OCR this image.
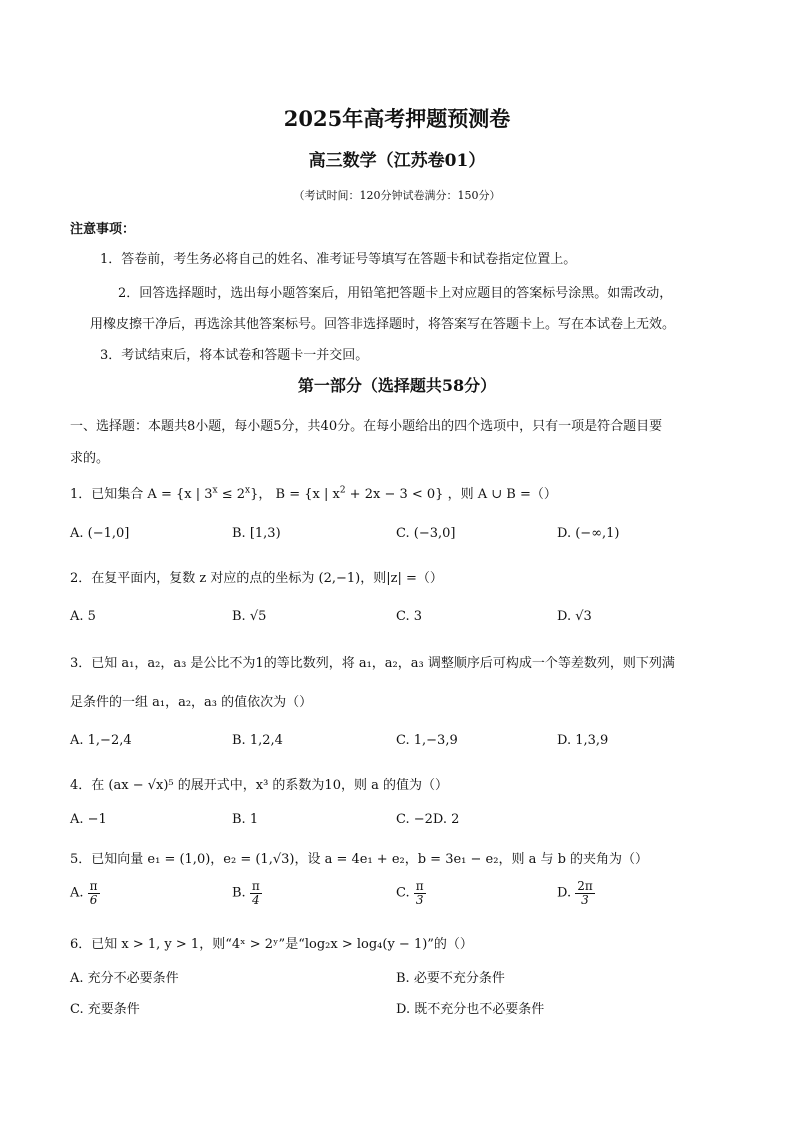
2025年高考押题预测卷
高三数学（江苏卷01）
（考试时间：120分钟试卷满分：150分）
注意事项：
1．答卷前，考生务必将自己的姓名、准考证号等填写在答题卡和试卷指定位置上。
2．回答选择题时，选出每小题答案后，用铅笔把答题卡上对应题目的答案标号涂黑。如需改动，
用橡皮擦干净后，再选涂其他答案标号。回答非选择题时，将答案写在答题卡上。写在本试卷上无效。
3．考试结束后，将本试卷和答题卡一并交回。
第一部分（选择题共58分）
一、选择题：本题共8小题，每小题5分，共40分。在每小题给出的四个选项中，只有一项是符合题目要
求的。
1．已知集合 A = {x | $3^x \le 2^x$}， B = {x | $x^2 + 2x - 3 < 0$} ，则 A ∪ B =（）
A. (−1,0]	B. [1,3)	C. (−3,0]	D. (−∞,1)
2．在复平面内，复数 z 对应的点的坐标为 (2,−1)，则|z| =（）
A. 5	B. √5	C. 3	D. √3
3．已知 a₁，a₂，a₃ 是公比不为1的等比数列，将 a₁，a₂，a₃ 调整顺序后可构成一个等差数列，则下列满
足条件的一组 a₁，a₂，a₃ 的值依次为（）
A. 1,−2,4	B. 1,2,4	C. 1,−3,9	D. 1,3,9
4．在 (ax − √x)⁵ 的展开式中，x³ 的系数为10，则 a 的值为（）
A. −1	B. 1	C. −2D. 2
5．已知向量 e₁ = (1,0)，e₂ = (1,√3)，设 a = 4e₁ + e₂，b = 3e₁ − e₂，则 a 与 b 的夹角为（）
A. $\frac{\pi}{6}$	B. $\frac{\pi}{4}$	C. $\frac{\pi}{3}$	D. $\frac{2\pi}{3}$
6．已知 x > 1, y > 1，则“4ˣ > 2ʸ”是“log₂x > log₄(y − 1)”的（）
A. 充分不必要条件	B. 必要不充分条件
C. 充要条件	D. 既不充分也不必要条件
